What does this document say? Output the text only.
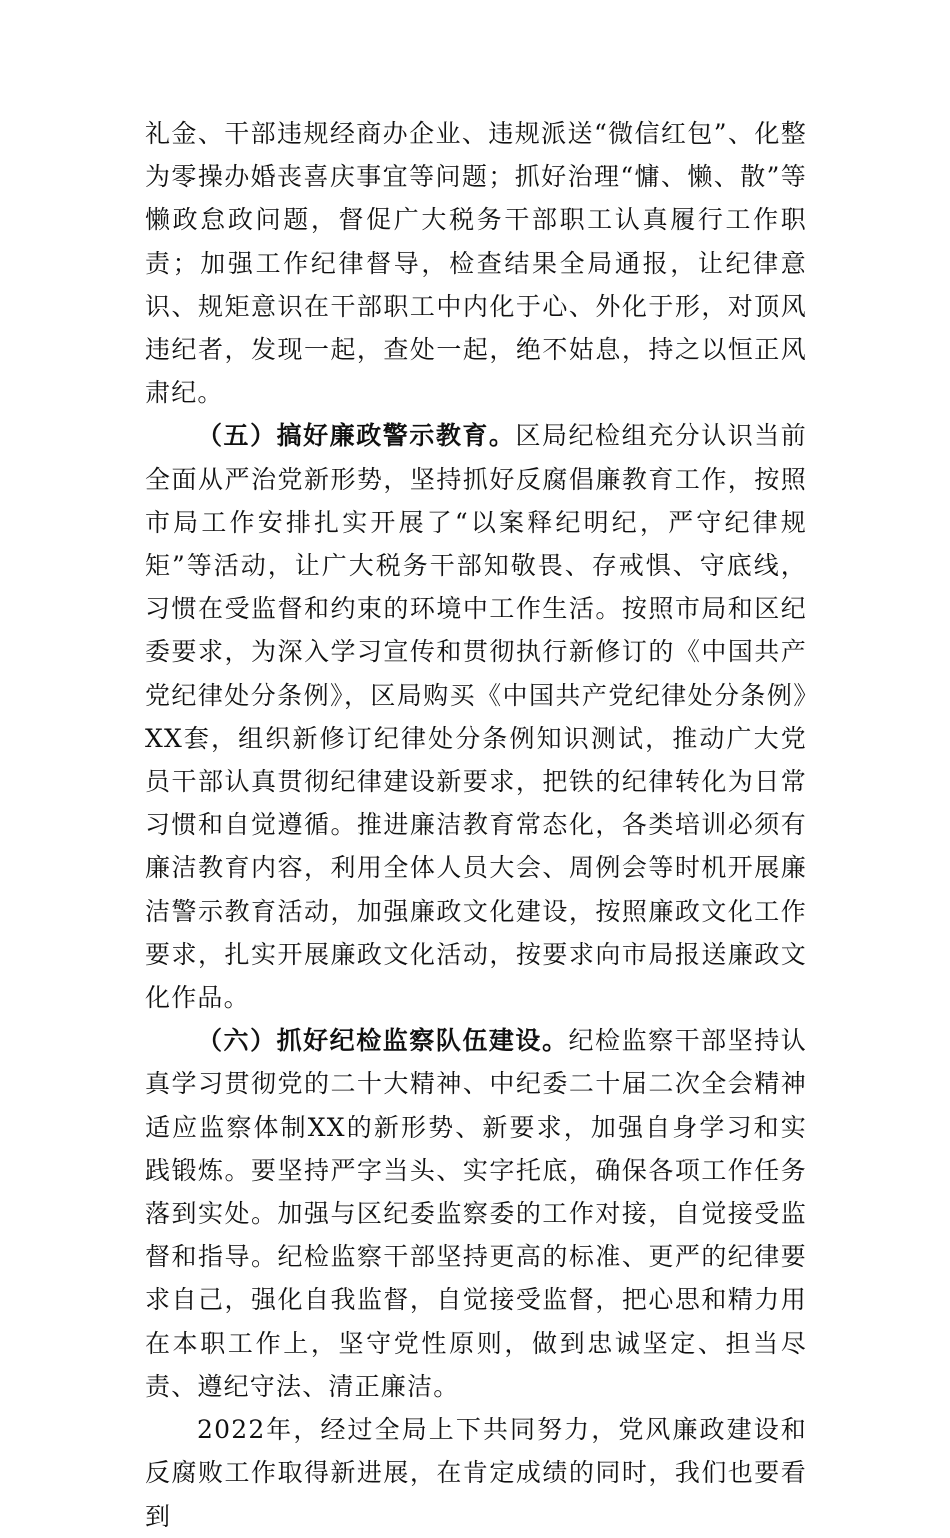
礼金、干部违规经商办企业、违规派送“微信红包”、化整为零操办婚丧喜庆事宜等问题；抓好治理“慵、懒、散”等懒政怠政问题，督促广大税务干部职工认真履行工作职责；加强工作纪律督导，检查结果全局通报，让纪律意识、规矩意识在干部职工中内化于心、外化于形，对顶风违纪者，发现一起，查处一起，绝不姑息，持之以恒正风肃纪。

（五）搞好廉政警示教育。区局纪检组充分认识当前全面从严治党新形势，坚持抓好反腐倡廉教育工作，按照市局工作安排扎实开展了“以案释纪明纪，严守纪律规矩”等活动，让广大税务干部知敬畏、存戒惧、守底线，习惯在受监督和约束的环境中工作生活。按照市局和区纪委要求，为深入学习宣传和贯彻执行新修订的《中国共产党纪律处分条例》，区局购买《中国共产党纪律处分条例》XX套，组织新修订纪律处分条例知识测试，推动广大党员干部认真贯彻纪律建设新要求，把铁的纪律转化为日常习惯和自觉遵循。推进廉洁教育常态化，各类培训必须有廉洁教育内容，利用全体人员大会、周例会等时机开展廉洁警示教育活动，加强廉政文化建设，按照廉政文化工作要求，扎实开展廉政文化活动，按要求向市局报送廉政文化作品。

（六）抓好纪检监察队伍建设。纪检监察干部坚持认真学习贯彻党的二十大精神、中纪委二十届二次全会精神适应监察体制XX的新形势、新要求，加强自身学习和实践锻炼。要坚持严字当头、实字托底，确保各项工作任务落到实处。加强与区纪委监察委的工作对接，自觉接受监督和指导。纪检监察干部坚持更高的标准、更严的纪律要求自己，强化自我监督，自觉接受监督，把心思和精力用在本职工作上，坚守党性原则，做到忠诚坚定、担当尽责、遵纪守法、清正廉洁。

2022年，经过全局上下共同努力，党风廉政建设和反腐败工作取得新进展，在肯定成绩的同时，我们也要看到
